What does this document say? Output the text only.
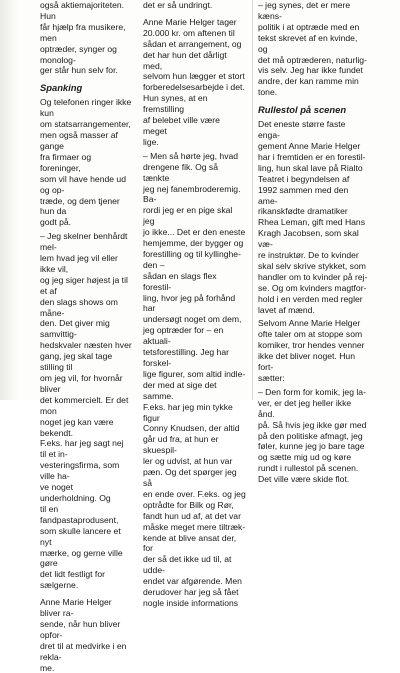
også aktiemajoriteten. Hun
får hjælp fra musikere, men
optræder, synger og monolog-
ger står hun selv for.

Spanking

Og telefonen ringer ikke kun
om statsarrangementer,
men også masser af gange
fra firmaer og foreninger,
som vil have hende ud og op-
træde, og dem tjener hun da
godt på.

– Jeg skelner benhårdt mel-
lem hvad jeg vil eller ikke vil,
og jeg siger højest ja til et af
den slags shows om måne-
den. Det giver mig samvittig-
hedskvaler næsten hver
gang, jeg skal tage stilling til
om jeg vil, for hvornår bliver
det kommercielt. Er det mon
noget jeg kan være bekendt.
F.eks. har jeg sagt nej til et in-
vesteringsfirma, som ville ha-
ve noget underholdning. Og
til en fandpastaprodusent,
som skulle lancere et nyt
mærke, og gerne ville gøre
det lidt festligt for sælgerne.

Anne Marie Helger bliver ra-
sende, når hun bliver opfor-
dret til at medvirke i en rekla-
me.

det er så undringt.

Anne Marie Helger tager
20.000 kr. om aftenen til
sådan et arrangement, og
det har hun det dårligt med,
selvom hun lægger et stort
forberedelsesarbejde i det.
Hun synes, at en fremstilling
af belebet ville være meget
lige.

– Men så hørte jeg, hvad
drengene fik. Og så tænkte
jeg nej fanembroderemig. Ba-
rordi jeg er en pige skal jeg
jo ikke... Det er den eneste
hemjemme, der bygger og
forestilling og til kyllingheden –
sådan en slags flex forestil-
ling, hvor jeg på forhånd har
undersøgt noget om dem,
jeg optræder for – en aktuali-
tetsforestilling. Jeg har forskel-
lige figurer, som altid indle-
der med at sige det samme.
F.eks. har jeg min tykke figur
Conny Knudsen, der altid
går ud fra, at hun er skuespil-
ler og udvist, at hun var
pæn. Og det spørger jeg så
en ende over. F.eks. og jeg
optrådte for Bilk og Rør,
fandt hun ud af, at det var
måske meget mere tiltræk-
kende at blive ansat der, for
der så det ikke ud til, at udde-
endet var afgørende. Men
derudover har jeg så fået
nogle inside informations

– jeg synes, det er mere kæns-
politik i at optræde med en
tekst skrevet af en kvinde, og
det må optræderen, naturlig-
vis selv. Jeg har ikke fundet
andre, der kan ramme min
tone.

Rullestol på scenen

Det eneste større faste enga-
gement Anne Marie Helger
har i fremtiden er en forestil-
ling, hun skal lave på Rialto
Teatret i begyndelsen af
1992 sammen med den ame-
rikanskfødte dramatiker
Rhea Leman, gift med Hans
Kragh Jacobsen, som skal væ-
re instruktør. De to kvinder
skal selv skrive stykket, som
handler om to kvinder på rej-
se. Og om kvinders magtfor-
hold i en verden med regler
lavet af mænd.

Selvom Anne Marie Helger
ofte taler om at stoppe som
komiker, tror hendes venner
ikke det bliver noget. Hun fort-
sætter:

– Den form for komik, jeg la-
ver, er det jeg heller ikke ånd.
på. Så hvis jeg ikke gør med
på den politiske afmagt, jeg
føler, kunne jeg jo bare tage
og sætte mig ud og køre
rundt i rullestol på scenen.
Det ville være skide flot.
